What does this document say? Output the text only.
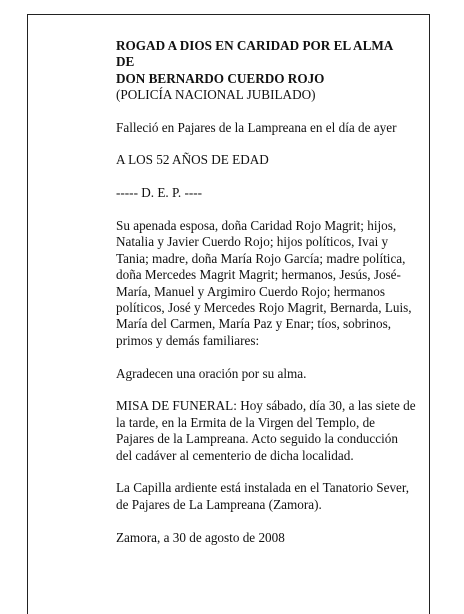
ROGAD A DIOS EN CARIDAD POR EL ALMA
DE
DON BERNARDO CUERDO ROJO

(POLICÍA NACIONAL JUBILADO)

Falleció en Pajares de la Lampreana en el día de ayer

A LOS 52 AÑOS DE EDAD

----- D. E. P. ----

Su apenada esposa, doña Caridad Rojo Magrit; hijos, Natalia y Javier Cuerdo Rojo; hijos políticos, Ivai y Tania; madre, doña María Rojo García; madre política, doña Mercedes Magrit Magrit; hermanos, Jesús, José-María, Manuel y Argimiro Cuerdo Rojo; hermanos políticos, José y Mercedes Rojo Magrit, Bernarda, Luis, María del Carmen, María Paz y Enar; tíos, sobrinos, primos y demás familiares:

Agradecen una oración por su alma.

MISA DE FUNERAL: Hoy sábado, día 30, a las siete de la tarde, en la Ermita de la Virgen del Templo, de Pajares de la Lampreana. Acto seguido la conducción del cadáver al cementerio de dicha localidad.

La Capilla ardiente está instalada en el Tanatorio Sever, de Pajares de La Lampreana (Zamora).

Zamora, a 30 de agosto de 2008
